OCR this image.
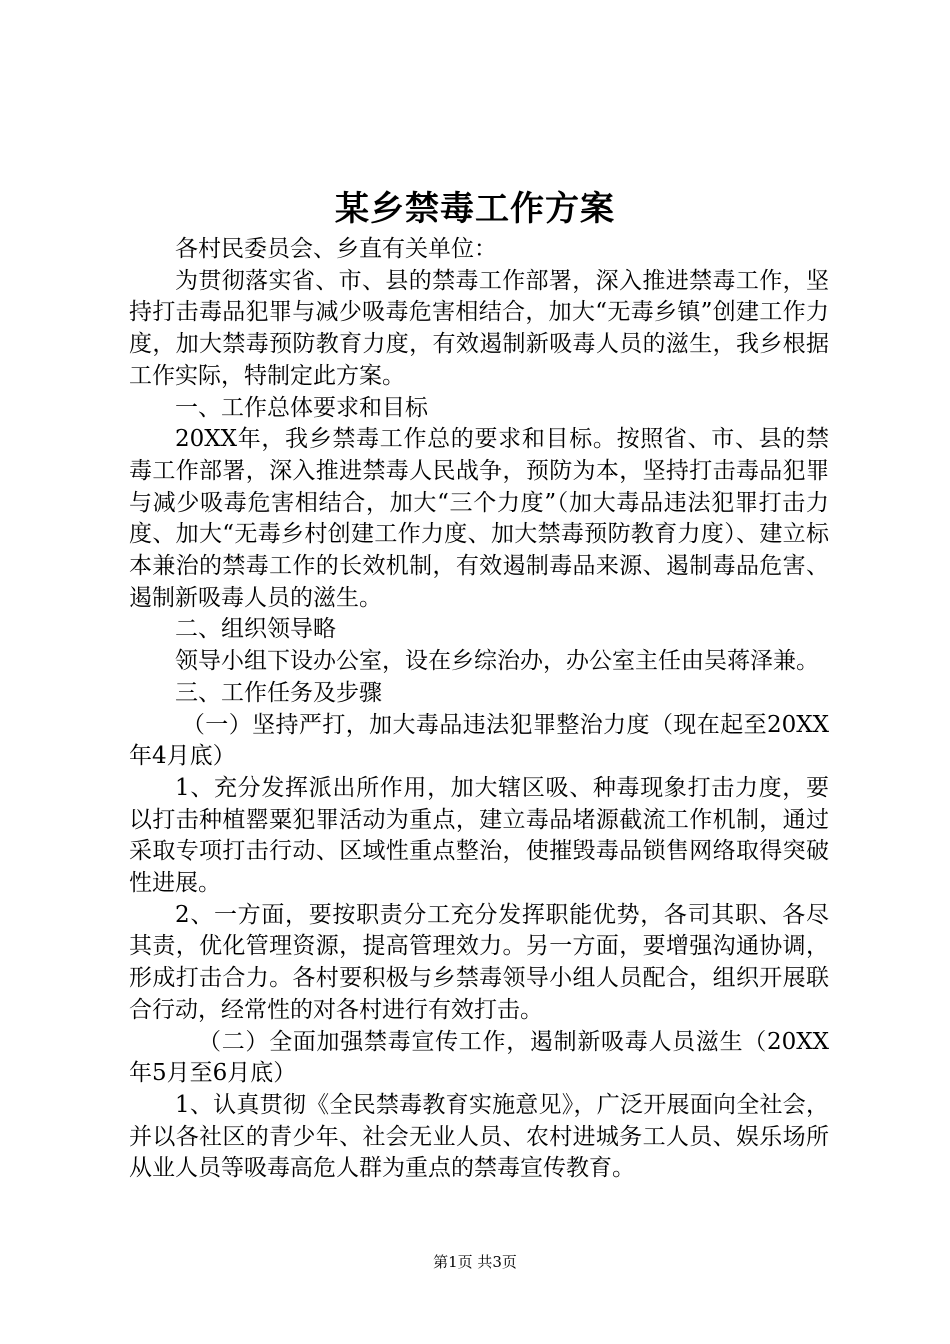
某乡禁毒工作方案

各村民委员会、乡直有关单位：

为贯彻落实省、市、县的禁毒工作部署，深入推进禁毒工作，坚持打击毒品犯罪与减少吸毒危害相结合，加大“无毒乡镇”创建工作力度，加大禁毒预防教育力度，有效遏制新吸毒人员的滋生，我乡根据工作实际，特制定此方案。

一、工作总体要求和目标

20XX年，我乡禁毒工作总的要求和目标。按照省、市、县的禁毒工作部署，深入推进禁毒人民战争，预防为本，坚持打击毒品犯罪与减少吸毒危害相结合，加大“三个力度”（加大毒品违法犯罪打击力度、加大“无毒乡村创建工作力度、加大禁毒预防教育力度）、建立标本兼治的禁毒工作的长效机制，有效遏制毒品来源、遏制毒品危害、遏制新吸毒人员的滋生。

二、组织领导略

领导小组下设办公室，设在乡综治办，办公室主任由吴蒋泽兼。

三、工作任务及步骤

（一）坚持严打，加大毒品违法犯罪整治力度（现在起至20XX年4月底）

1、充分发挥派出所作用，加大辖区吸、种毒现象打击力度，要以打击种植罂粟犯罪活动为重点，建立毒品堵源截流工作机制，通过采取专项打击行动、区域性重点整治，使摧毁毒品锁售网络取得突破性进展。

2、一方面，要按职责分工充分发挥职能优势，各司其职、各尽其责，优化管理资源，提高管理效力。另一方面，要增强沟通协调，形成打击合力。各村要积极与乡禁毒领导小组人员配合，组织开展联合行动，经常性的对各村进行有效打击。

（二）全面加强禁毒宣传工作，遏制新吸毒人员滋生（20XX年5月至6月底）

1、认真贯彻《全民禁毒教育实施意见》，广泛开展面向全社会，并以各社区的青少年、社会无业人员、农村进城务工人员、娱乐场所从业人员等吸毒高危人群为重点的禁毒宣传教育。

第1页 共3页
